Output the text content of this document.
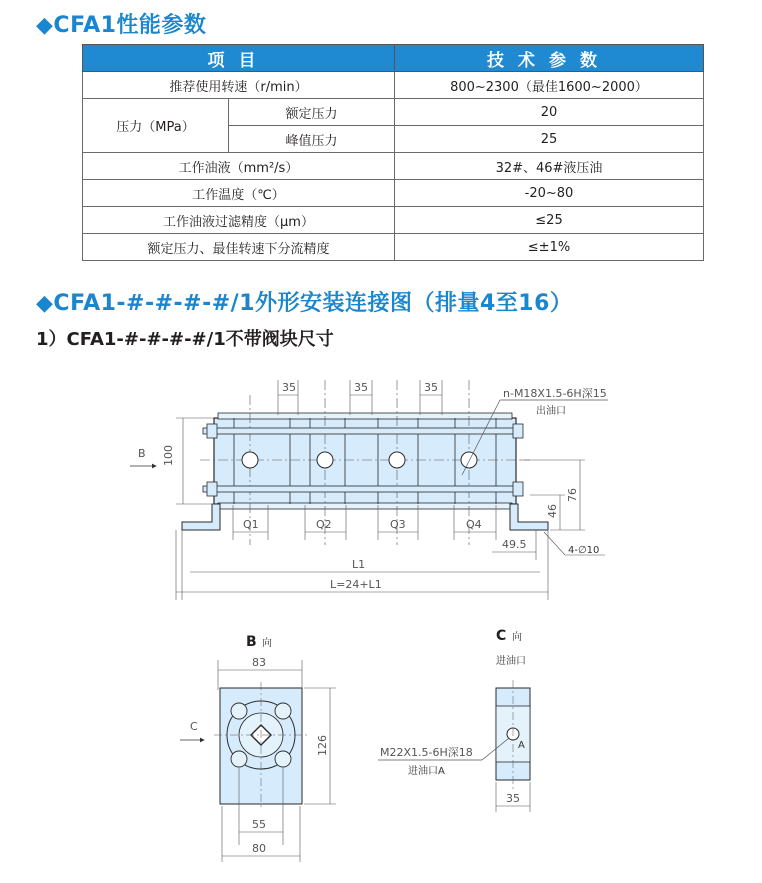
◆CFA1性能参数
项目		技术参数
推荐使用转速（r/min）		800~2300（最佳1600~2000）
压力（MPa）	额定压力	20
	峰值压力	25
工作油液（mm²/s）		32#、46#液压油
工作温度（℃）		-20~80
工作油液过滤精度（μm）		≤25
额定压力、最佳转速下分流精度		≤±1%
◆CFA1-#-#-#-#/1外形安装连接图（排量4至16）
1）CFA1-#-#-#-#/1不带阀块尺寸
35	35	35	n-M18X1.5-6H深15
出油口
B 100
76
46
Q1	Q2	Q3	Q4
49.5	4-∅10
L1
L=24+L1
B 向
83
C
126
55
80
C 向
进油口
A
M22X1.5-6H深18
进油口A
35
